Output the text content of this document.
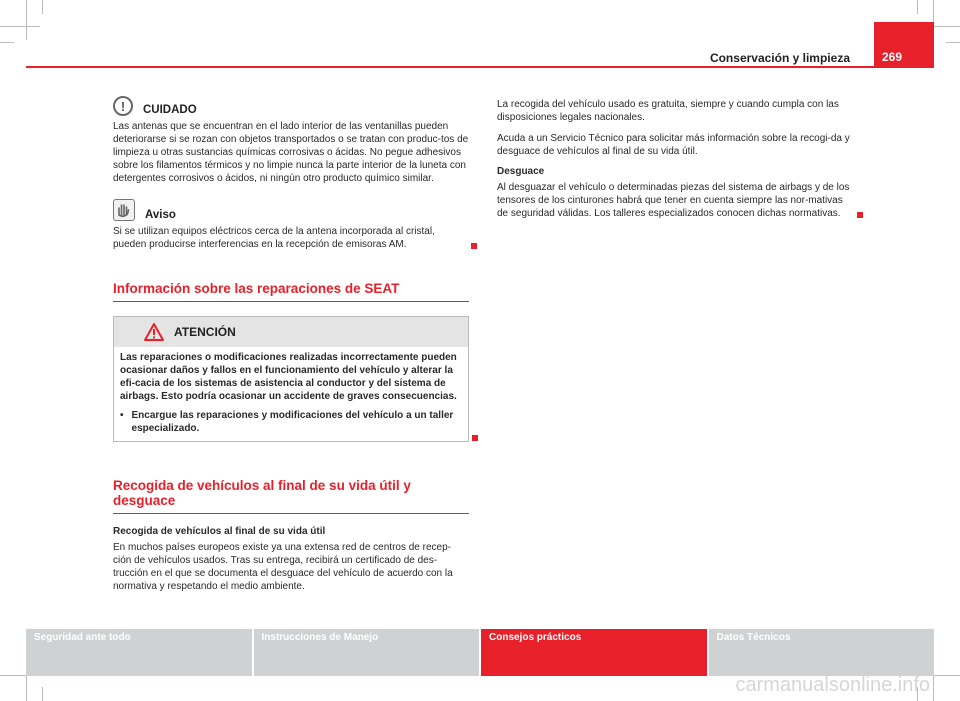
Conservación y limpieza	269
!	CUIDADO

Las antenas que se encuentran en el lado interior de las ventanillas pueden deteriorarse si se rozan con objetos transportados o se tratan con produc-tos de limpieza u otras sustancias químicas corrosivas o ácidas. No pegue adhesivos sobre los filamentos térmicos y no limpie nunca la parte interior de la luneta con detergentes corrosivos o ácidos, ni ningún otro producto químico similar.

Aviso

Si se utilizan equipos eléctricos cerca de la antena incorporada al cristal, pueden producirse interferencias en la recepción de emisoras AM.

Información sobre las reparaciones de SEAT
ATENCIÓN

Las reparaciones o modificaciones realizadas incorrectamente pueden ocasionar daños y fallos en el funcionamiento del vehículo y alterar la efi-cacia de los sistemas de asistencia al conductor y del sistema de airbags. Esto podría ocasionar un accidente de graves consecuencias.

• Encargue las reparaciones y modificaciones del vehículo a un taller especializado.

Recogida de vehículos al final de su vida útil y desguace

Recogida de vehículos al final de su vida útil

En muchos países europeos existe ya una extensa red de centros de recep-ción de vehículos usados. Tras su entrega, recibirá un certificado de des-trucción en el que se documenta el desguace del vehículo de acuerdo con la normativa y respetando el medio ambiente.

La recogida del vehículo usado es gratuita, siempre y cuando cumpla con las disposiciones legales nacionales.

Acuda a un Servicio Técnico para solicitar más información sobre la recogi-da y desguace de vehículos al final de su vida útil.

Desguace

Al desguazar el vehículo o determinadas piezas del sistema de airbags y de los tensores de los cinturones habrá que tener en cuenta siempre las nor-mativas de seguridad válidas. Los talleres especializados conocen dichas normativas.

Seguridad ante todo	Instrucciones de Manejo	Consejos prácticos	Datos Técnicos
carmanualsonline.info
